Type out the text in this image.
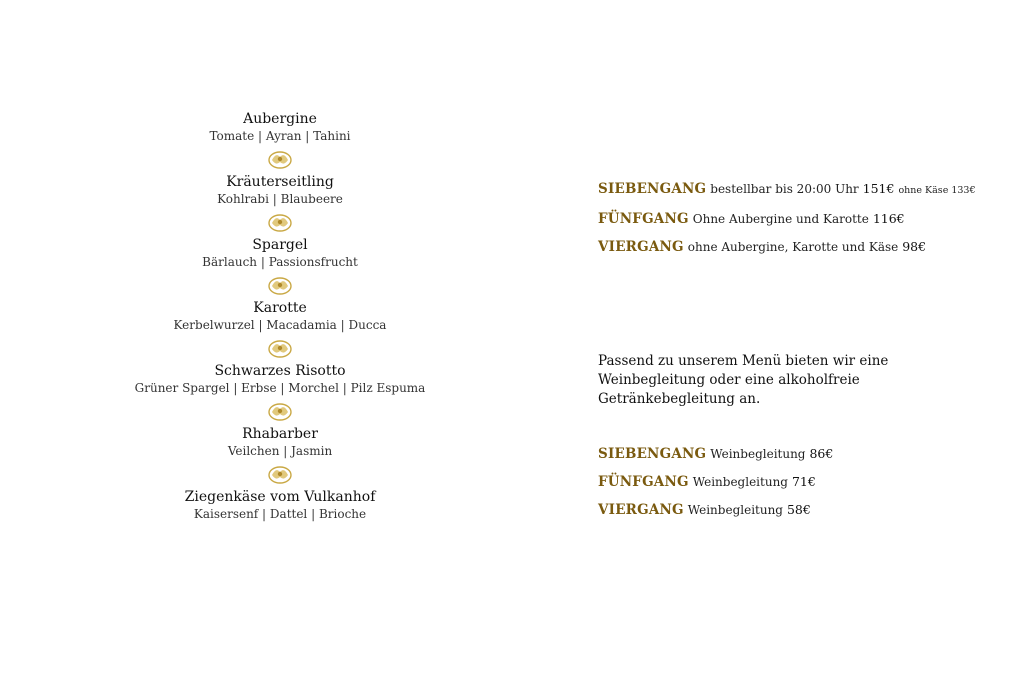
Aubergine
Tomate | Ayran | Tahini
Kräuterseitling
Kohlrabi | Blaubeere
Spargel
Bärlauch | Passionsfrucht
Karotte
Kerbelwurzel | Macadamia | Ducca
Schwarzes Risotto
Grüner Spargel | Erbse | Morchel | Pilz Espuma
Rhabarber
Veilchen | Jasmin
Ziegenkäse vom Vulkanhof
Kaisersenf | Dattel | Brioche
SIEBENGANG bestellbar bis 20:00 Uhr 151€ ohne Käse 133€
FÜNFGANG Ohne Aubergine und Karotte 116€
VIERGANG ohne Aubergine, Karotte und Käse 98€
Passend zu unserem Menü bieten wir eine Weinbegleitung oder eine alkoholfreie Getränkebegleitung an.
SIEBENGANG Weinbegleitung 86€
FÜNFGANG Weinbegleitung 71€
VIERGANG Weinbegleitung 58€
